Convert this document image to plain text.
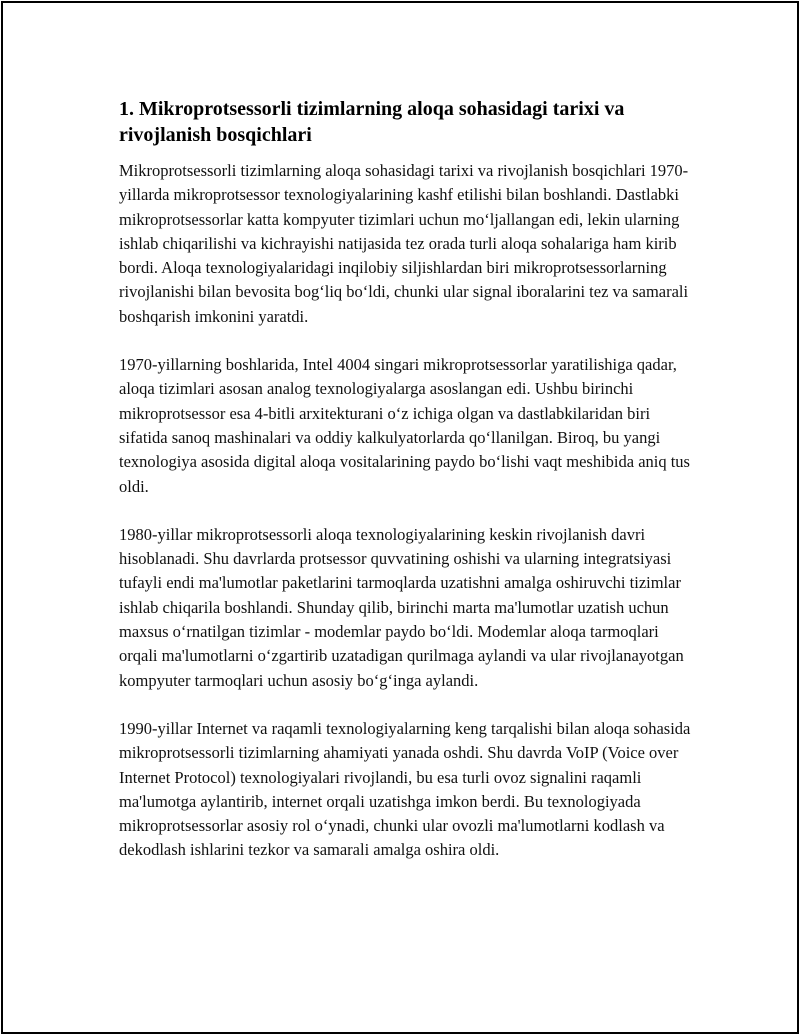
1. Mikroprotsessorli tizimlarning aloqa sohasidagi tarixi va rivojlanish bosqichlari

Mikroprotsessorli tizimlarning aloqa sohasidagi tarixi va rivojlanish bosqichlari 1970-yillarda mikroprotsessor texnologiyalarining kashf etilishi bilan boshlandi. Dastlabki mikroprotsessorlar katta kompyuter tizimlari uchun mo‘ljallangan edi, lekin ularning ishlab chiqarilishi va kichrayishi natijasida tez orada turli aloqa sohalariga ham kirib bordi. Aloqa texnologiyalaridagi inqilobiy siljishlardan biri mikroprotsessorlarning rivojlanishi bilan bevosita bog‘liq bo‘ldi, chunki ular signal iboralarini tez va samarali boshqarish imkonini yaratdi.

1970-yillarning boshlarida, Intel 4004 singari mikroprotsessorlar yaratilishiga qadar, aloqa tizimlari asosan analog texnologiyalarga asoslangan edi. Ushbu birinchi mikroprotsessor esa 4-bitli arxitekturani o‘z ichiga olgan va dastlabkilaridan biri sifatida sanoq mashinalari va oddiy kalkulyatorlarda qo‘llanilgan. Biroq, bu yangi texnologiya asosida digital aloqa vositalarining paydo bo‘lishi vaqt meshibida aniq tus oldi.

1980-yillar mikroprotsessorli aloqa texnologiyalarining keskin rivojlanish davri hisoblanadi. Shu davrlarda protsessor quvvatining oshishi va ularning integratsiyasi tufayli endi ma'lumotlar paketlarini tarmoqlarda uzatishni amalga oshiruvchi tizimlar ishlab chiqarila boshlandi. Shunday qilib, birinchi marta ma'lumotlar uzatish uchun maxsus o‘rnatilgan tizimlar - modemlar paydo bo‘ldi. Modemlar aloqa tarmoqlari orqali ma'lumotlarni o‘zgartirib uzatadigan qurilmaga aylandi va ular rivojlanayotgan kompyuter tarmoqlari uchun asosiy bo‘g‘inga aylandi.

1990-yillar Internet va raqamli texnologiyalarning keng tarqalishi bilan aloqa sohasida mikroprotsessorli tizimlarning ahamiyati yanada oshdi. Shu davrda VoIP (Voice over Internet Protocol) texnologiyalari rivojlandi, bu esa turli ovoz signalini raqamli ma'lumotga aylantirib, internet orqali uzatishga imkon berdi. Bu texnologiyada mikroprotsessorlar asosiy rol o‘ynadi, chunki ular ovozli ma'lumotlarni kodlash va dekodlash ishlarini tezkor va samarali amalga oshira oldi.
